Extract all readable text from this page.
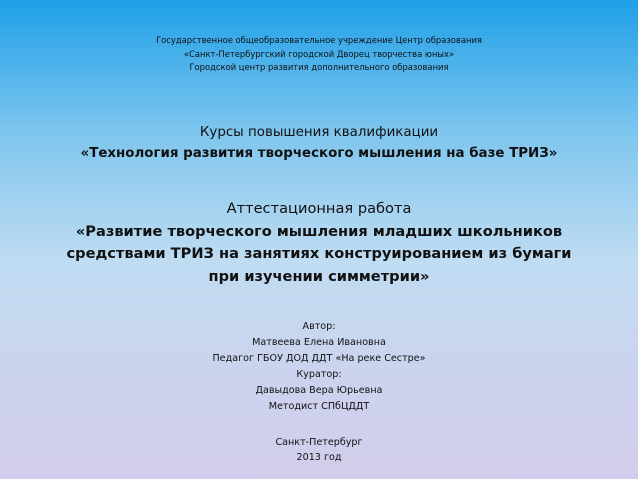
Государственное общеобразовательное учреждение Центр образования
«Санкт-Петербургский городской Дворец творчества юных»
Городской центр развития дополнительного образования
Курсы повышения квалификации
«Технология развития творческого мышления на базе ТРИЗ»
Аттестационная работа
«Развитие творческого мышления младших школьников
средствами ТРИЗ на занятиях конструированием из бумаги
при изучении симметрии»
Автор:
Матвеева Елена Ивановна
Педагог ГБОУ ДОД ДДТ «На реке Сестре»
Куратор:
Давыдова Вера Юрьевна
Методист СПбЦДДТ
Санкт-Петербург
2013 год
